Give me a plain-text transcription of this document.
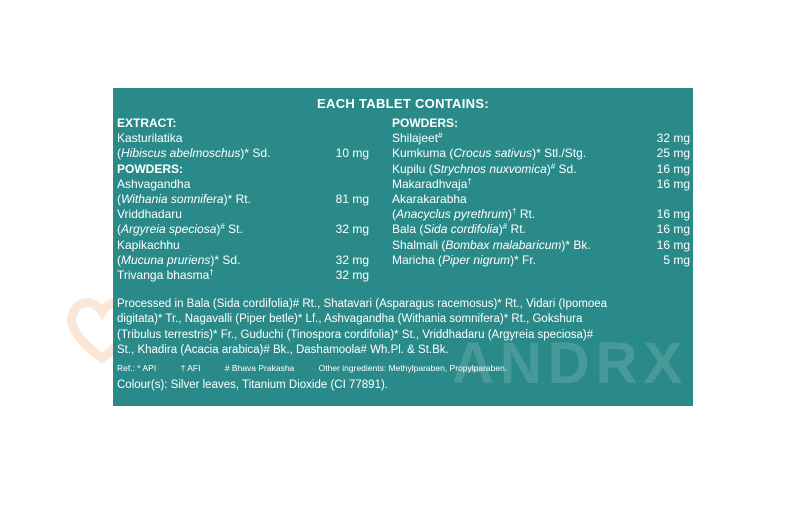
EACH TABLET CONTAINS:
EXTRACT:
Kasturilatika
(Hibiscus abelmoschus)* Sd.	10 mg
POWDERS:
Ashvagandha
(Withania somnifera)* Rt.	81 mg
Vriddhadaru
(Argyreia speciosa)# St.	32 mg
Kapikachhu
(Mucuna pruriens)* Sd.	32 mg
Trivanga bhasma†	32 mg
POWDERS:
Shilajeet#	32 mg
Kumkuma (Crocus sativus)* Stl./Stg.	25 mg
Kupilu (Strychnos nuxvomica)# Sd.	16 mg
Makaradhvaja†	16 mg
Akarakarabha
(Anacyclus pyrethrum)† Rt.	16 mg
Bala (Sida cordifolia)# Rt.	16 mg
Shalmali (Bombax malabaricum)* Bk.	16 mg
Maricha (Piper nigrum)* Fr.	5 mg
Processed in Bala (Sida cordifolia)# Rt., Shatavari (Asparagus racemosus)* Rt., Vidari (Ipomoea
digitata)* Tr., Nagavalli (Piper betle)* Lf., Ashvagandha (Withania somnifera)* Rt., Gokshura
(Tribulus terrestris)* Fr., Guduchi (Tinospora cordifolia)* St., Vriddhadaru (Argyreia speciosa)#
St., Khadira (Acacia arabica)# Bk., Dashamoola# Wh.Pl. & St.Bk.
Ref.: * API	† AFI	# Bhava Prakasha	Other ingredients: Methylparaben, Propylparaben.
Colour(s): Silver leaves, Titanium Dioxide (CI 77891). ANDRX
